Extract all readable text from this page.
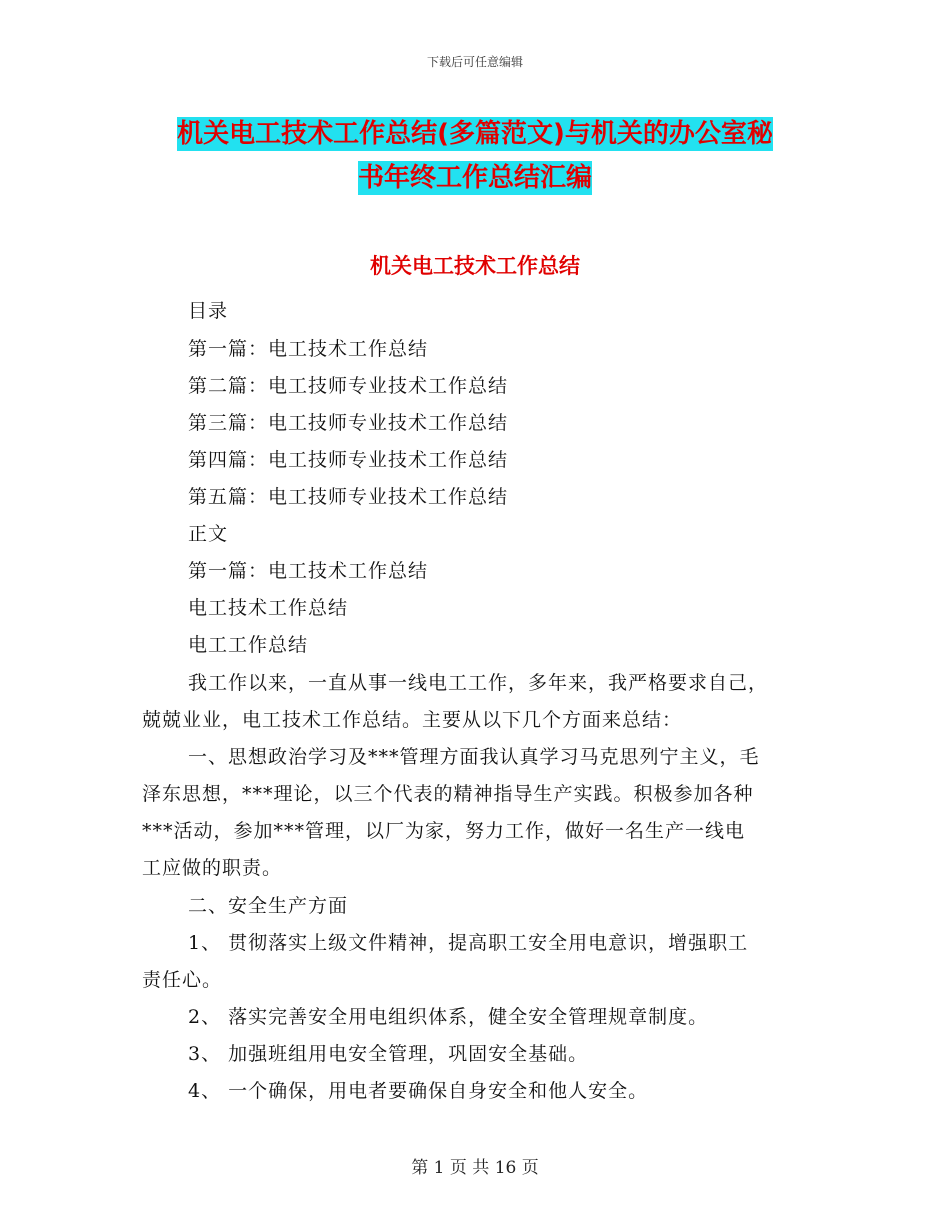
下载后可任意编辑
机关电工技术工作总结(多篇范文)与机关的办公室秘
书年终工作总结汇编
机关电工技术工作总结
目录
第一篇：电工技术工作总结
第二篇：电工技师专业技术工作总结
第三篇：电工技师专业技术工作总结
第四篇：电工技师专业技术工作总结
第五篇：电工技师专业技术工作总结
正文
第一篇：电工技术工作总结
电工技术工作总结
电工工作总结
我工作以来，一直从事一线电工工作，多年来，我严格要求自己，
兢兢业业，电工技术工作总结。主要从以下几个方面来总结：
一、思想政治学习及***管理方面我认真学习马克思列宁主义，毛
泽东思想，***理论，以三个代表的精神指导生产实践。积极参加各种
***活动，参加***管理，以厂为家，努力工作，做好一名生产一线电
工应做的职责。
二、安全生产方面
1、 贯彻落实上级文件精神，提高职工安全用电意识，增强职工
责任心。
2、 落实完善安全用电组织体系，健全安全管理规章制度。
3、 加强班组用电安全管理，巩固安全基础。
4、 一个确保，用电者要确保自身安全和他人安全。
第 1 页 共 16 页
